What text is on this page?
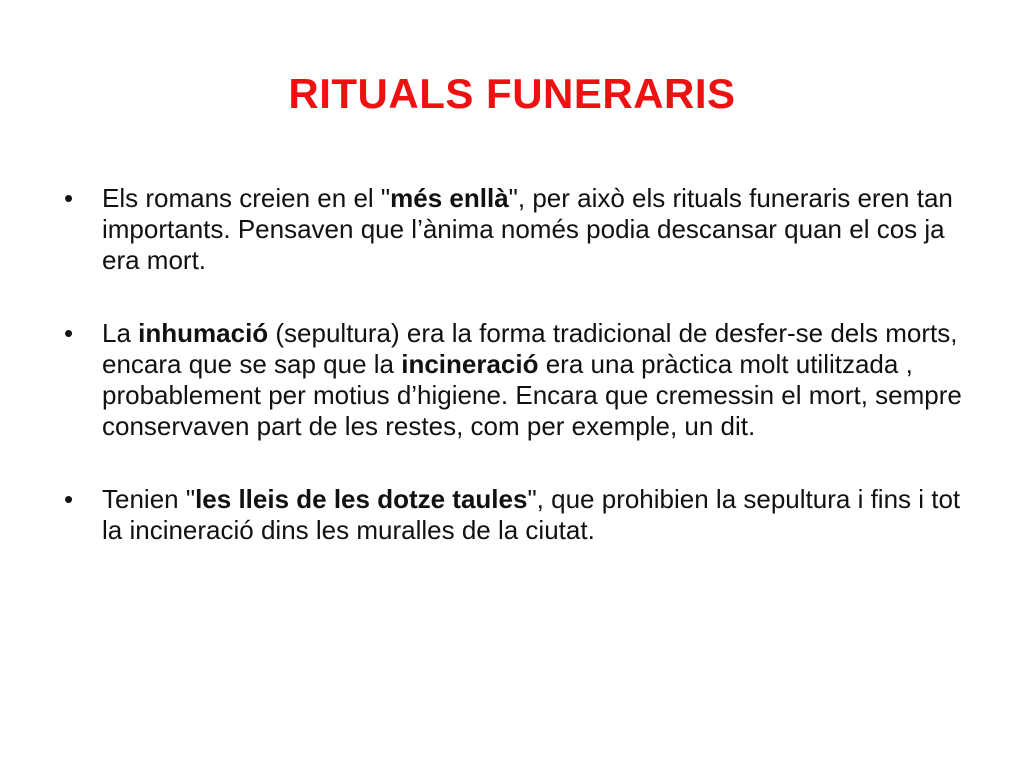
RITUALS FUNERARIS
• Els romans creien en el "més enllà", per això els rituals funeraris eren tan importants. Pensaven que l’ànima només podia descansar quan el cos ja era mort.
• La inhumació (sepultura) era la forma tradicional de desfer-se dels morts, encara que se sap que la incineració era una pràctica molt utilitzada , probablement per motius d’higiene. Encara que cremessin el mort, sempre conservaven part de les restes, com per exemple, un dit.
• Tenien "les lleis de les dotze taules", que prohibien la sepultura i fins i tot la incineració dins les muralles de la ciutat.
